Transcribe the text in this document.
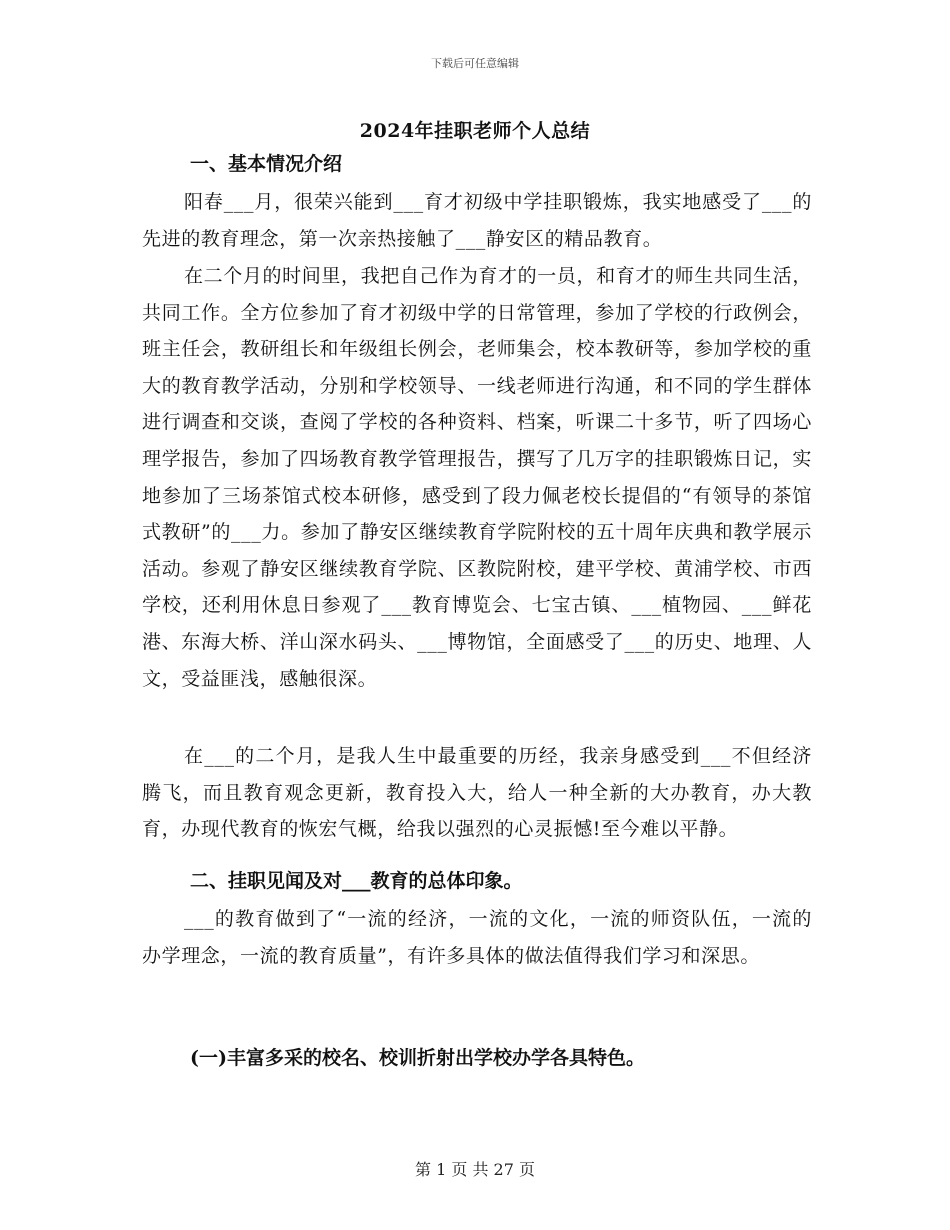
下载后可任意编辑
2024年挂职老师个人总结
一、基本情况介绍
阳春___月，很荣兴能到___育才初级中学挂职锻炼，我实地感受了___的先进的教育理念，第一次亲热接触了___静安区的精品教育。
在二个月的时间里，我把自己作为育才的一员，和育才的师生共同生活，共同工作。全方位参加了育才初级中学的日常管理，参加了学校的行政例会，班主任会，教研组长和年级组长例会，老师集会，校本教研等，参加学校的重大的教育教学活动，分别和学校领导、一线老师进行沟通，和不同的学生群体进行调查和交谈，查阅了学校的各种资料、档案，听课二十多节，听了四场心理学报告，参加了四场教育教学管理报告，撰写了几万字的挂职锻炼日记，实地参加了三场茶馆式校本研修，感受到了段力佩老校长提倡的“有领导的茶馆式教研”的___力。参加了静安区继续教育学院附校的五十周年庆典和教学展示活动。参观了静安区继续教育学院、区教院附校，建平学校、黄浦学校、市西学校，还利用休息日参观了___教育博览会、七宝古镇、___植物园、___鲜花港、东海大桥、洋山深水码头、___博物馆，全面感受了___的历史、地理、人文，受益匪浅，感触很深。
在___的二个月，是我人生中最重要的历经，我亲身感受到___不但经济腾飞，而且教育观念更新，教育投入大，给人一种全新的大办教育，办大教育，办现代教育的恢宏气概，给我以强烈的心灵振憾!至今难以平静。
二、挂职见闻及对___教育的总体印象。
___的教育做到了“一流的经济，一流的文化，一流的师资队伍，一流的办学理念，一流的教育质量”，有许多具体的做法值得我们学习和深思。
(一)丰富多采的校名、校训折射出学校办学各具特色。
第 1 页 共 27 页
